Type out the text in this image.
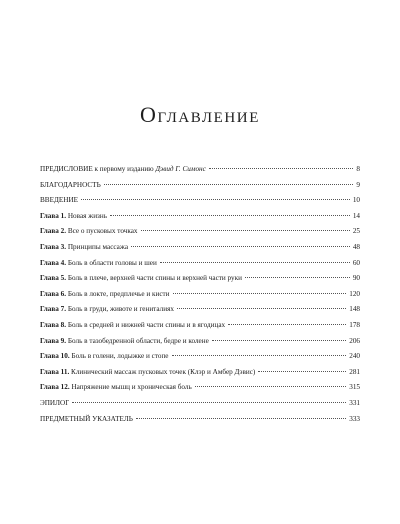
Оглавление
ПРЕДИСЛОВИЕ к первому изданию Дэвид Г. Симонс	8
БЛАГОДАРНОСТЬ	9
ВВЕДЕНИЕ	10
Глава 1. Новая жизнь	14
Глава 2. Все о пусковых точках	25
Глава 3. Принципы массажа	48
Глава 4. Боль в области головы и шеи	60
Глава 5. Боль в плече, верхней части спины и верхней части руки	90
Глава 6. Боль в локте, предплечье и кисти	120
Глава 7. Боль в груди, животе и гениталиях	148
Глава 8. Боль в средней и нижней части спины и в ягодицах	178
Глава 9. Боль в тазобедренной области, бедре и колене	206
Глава 10. Боль в голени, лодыжке и стопе	240
Глава 11. Клинический массаж пусковых точек (Клэр и Амбер Дэвис)	281
Глава 12. Напряжение мышц и хроническая боль	315
ЭПИЛОГ	331
ПРЕДМЕТНЫЙ УКАЗАТЕЛЬ	333
